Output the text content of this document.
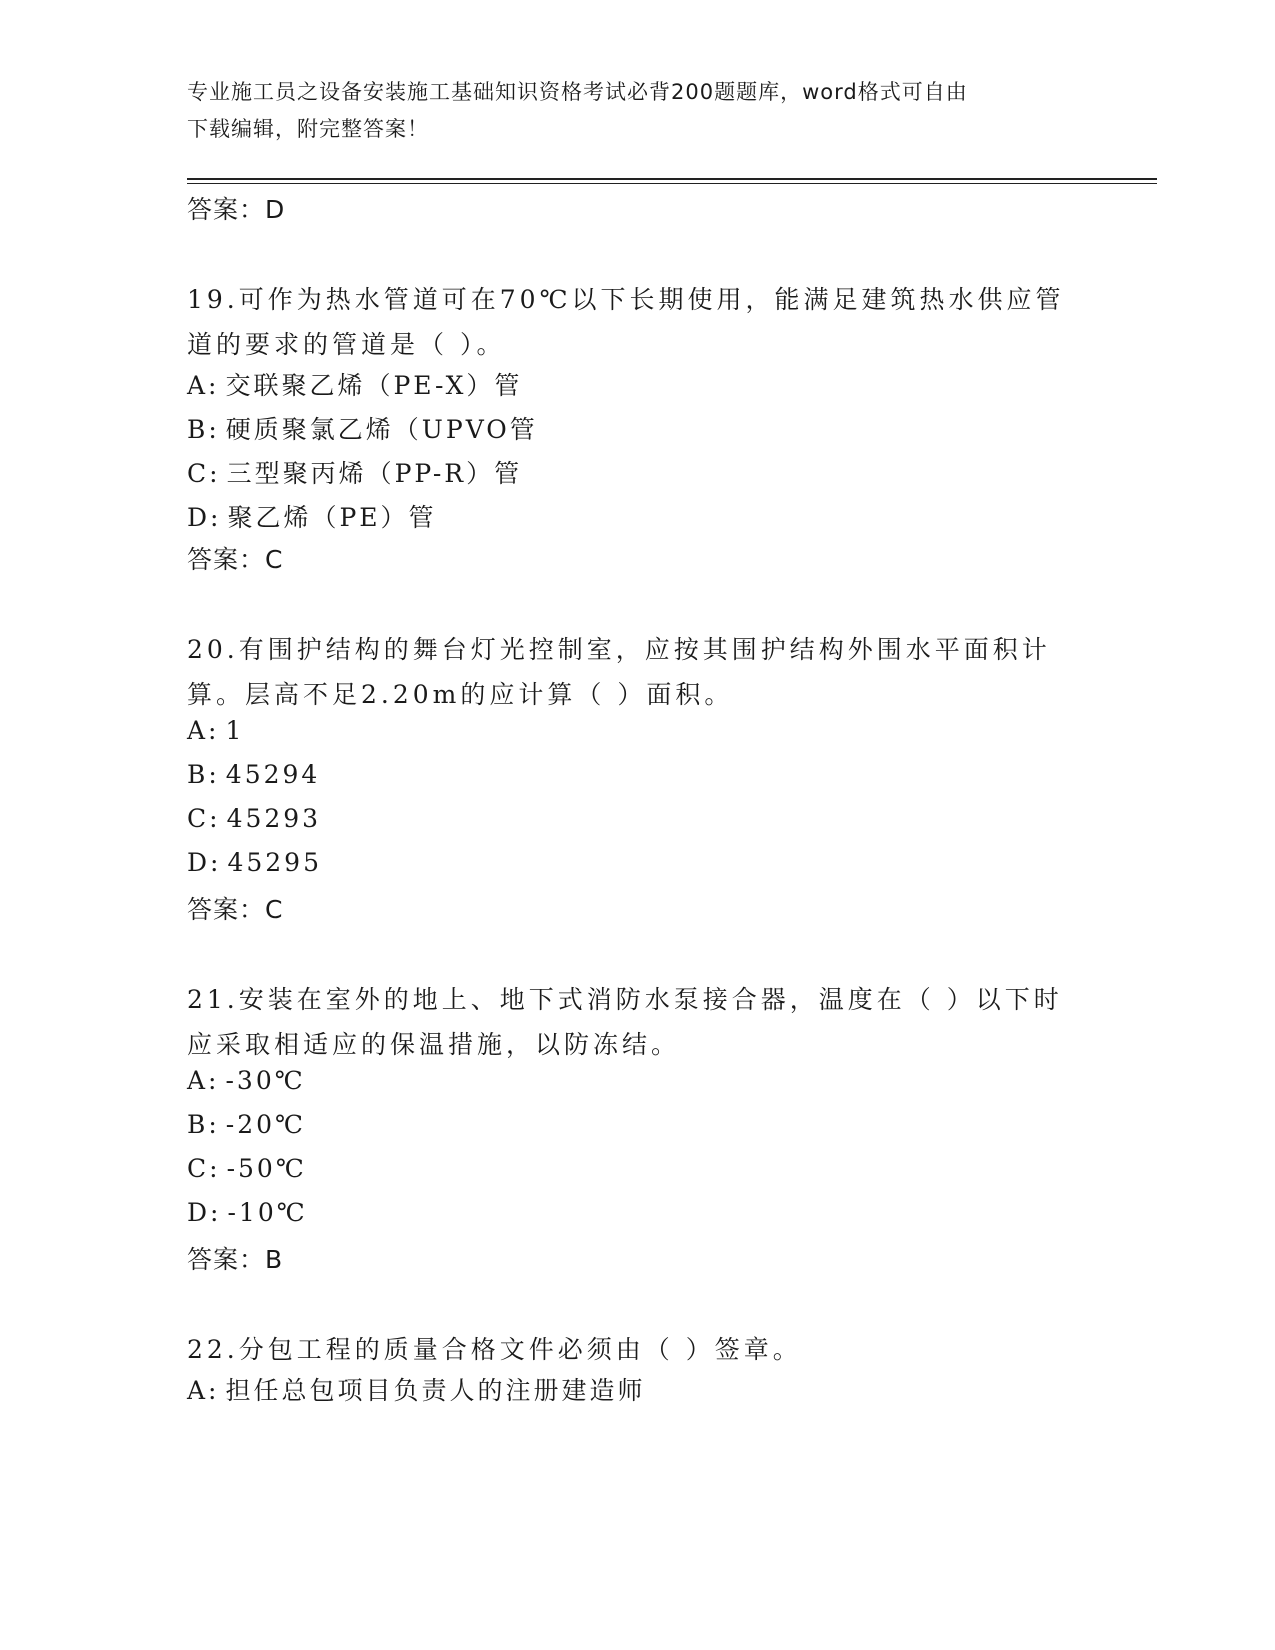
专业施工员之设备安装施工基础知识资格考试必背200题题库，word格式可自由
下载编辑，附完整答案！
答案：D
19.可作为热水管道可在70℃以下长期使用，能满足建筑热水供应管道的要求的管道是（ ）。
A: 交联聚乙烯（PE-X）管
B: 硬质聚氯乙烯（UPVO管
C: 三型聚丙烯（PP-R）管
D: 聚乙烯（PE）管
答案：C
20.有围护结构的舞台灯光控制室，应按其围护结构外围水平面积计算。层高不足2.20m的应计算（ ）面积。
A: 1
B: 45294
C: 45293
D: 45295
答案：C
21.安装在室外的地上、地下式消防水泵接合器，温度在（ ）以下时应采取相适应的保温措施，以防冻结。
A: -30℃
B: -20℃
C: -50℃
D: -10℃
答案：B
22.分包工程的质量合格文件必须由（ ）签章。
A: 担任总包项目负责人的注册建造师
